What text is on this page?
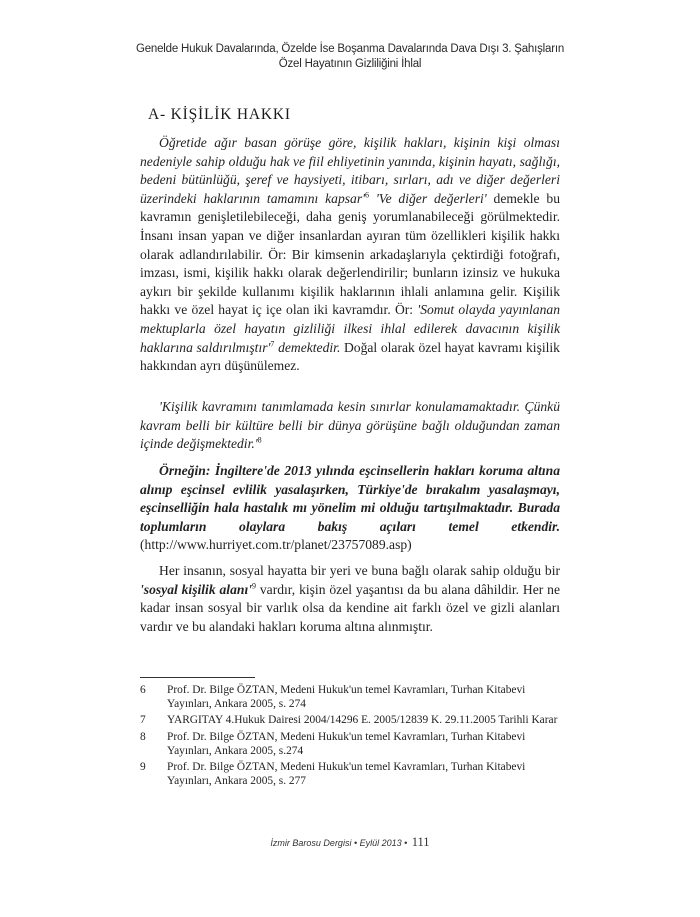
Genelde Hukuk Davalarında, Özelde İse Boşanma Davalarında Dava Dışı 3. Şahışların
Özel Hayatının Gizliliğini İhlal
A- KİŞİLİK HAKKI

Öğretide ağır basan görüşe göre, kişilik hakları, kişinin kişi olması nedeniyle sahip olduğu hak ve fiil ehliyetinin yanında, kişinin hayatı, sağlığı, bedeni bütünlüğü, şeref ve haysiyeti, itibarı, sırları, adı ve diğer değerleri üzerindeki haklarının tamamını $kapsar'^6$ 'Ve diğer değerleri' demekle bu kavramın genişletilebileceği, daha geniş yorumlanabileceği görülmektedir. İnsanı insan yapan ve diğer insanlardan ayıran tüm özellikleri kişilik hakkı olarak adlandırılabilir. Ör: Bir kimsenin arkadaşlarıyla çektirdiği fotoğrafı, imzası, ismi, kişilik hakkı olarak değerlendirilir; bunların izinsiz ve hukuka aykırı bir şekilde kullanımı kişilik haklarının ihlali anlamına gelir. Kişilik hakkı ve özel hayat iç içe olan iki kavramdır. Ör: 'Somut olayda yayınlanan mektuplarla özel hayatın gizliliği ilkesi ihlal edilerek davacının kişilik haklarına $saldırılmıştır'^7$ demektedir. Doğal olarak özel hayat kavramı kişilik hakkından ayrı düşünülemez.

'Kişilik kavramını tanımlamada kesin sınırlar konulamamaktadır. Çünkü kavram belli bir kültüre belli bir dünya görüşüne bağlı olduğundan zaman içinde $değişmektedir.'^8$

Örneğin: İngiltere'de 2013 yılında eşcinsellerin hakları koruma altına alınıp eşcinsel evlilik yasalaşırken, Türkiye'de bırakalım yasalaşmayı, eşcinselliğin hala hastalık mı yönelim mi olduğu tartışılmaktadır. Burada toplumların olaylara bakış açıları temel etkendir. (http://www.hurriyet.com.tr/planet/23757089.asp)

Her insanın, sosyal hayatta bir yeri ve buna bağlı olarak sahip olduğu bir 'sosyal kişilik $alanı'^9$ vardır, kişin özel yaşantısı da bu alana dâhildir. Her ne kadar insan sosyal bir varlık olsa da kendine ait farklı özel ve gizli alanları vardır ve bu alandaki hakları koruma altına alınmıştır.

6	Prof. Dr. Bilge ÖZTAN, Medeni Hukuk'un temel Kavramları, Turhan Kitabevi Yayınları, Ankara 2005, s. 274
7	YARGITAY 4.Hukuk Dairesi 2004/14296 E. 2005/12839 K. 29.11.2005 Tarihli Karar
8	Prof. Dr. Bilge ÖZTAN, Medeni Hukuk'un temel Kavramları, Turhan Kitabevi Yayınları, Ankara 2005, s.274
9	Prof. Dr. Bilge ÖZTAN, Medeni Hukuk'un temel Kavramları, Turhan Kitabevi Yayınları, Ankara 2005, s. 277
İzmir Barosu Dergisi • Eylül 2013 • 111
